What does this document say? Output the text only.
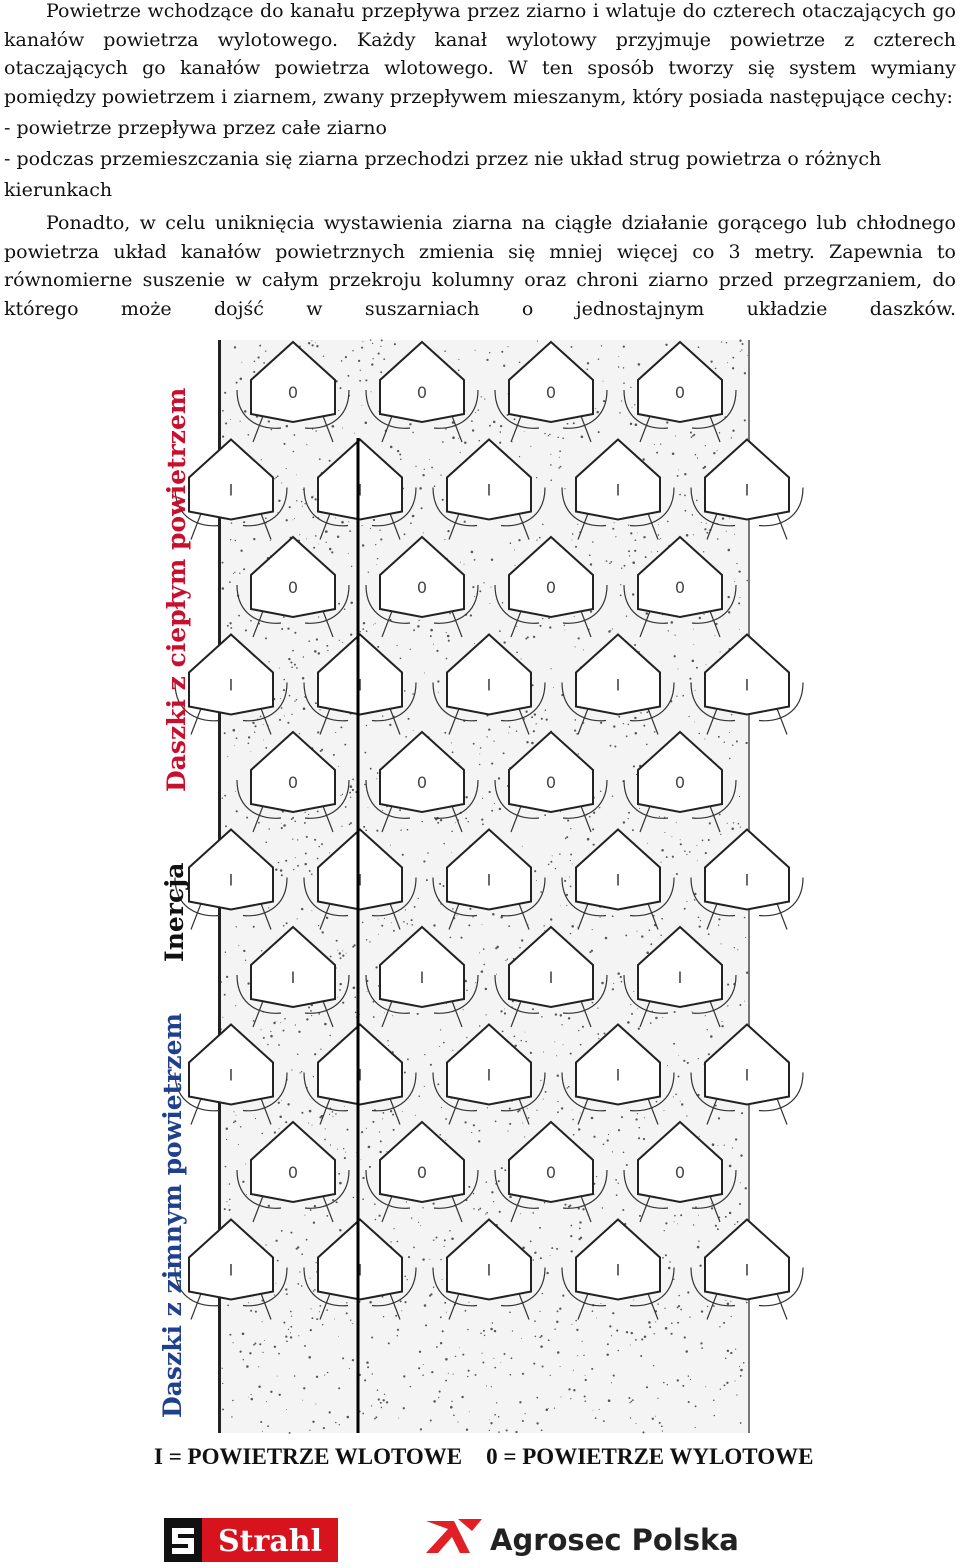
Powietrze wchodzące do kanału przepływa przez ziarno i wlatuje do czterech otaczających go kanałów powietrza wylotowego. Każdy kanał wylotowy przyjmuje powietrze z czterech otaczających go kanałów powietrza wlotowego. W ten sposób tworzy się system wymiany pomiędzy powietrzem i ziarnem, zwany przepływem mieszanym, który posiada następujące cechy:
- powietrze przepływa przez całe ziarno
- podczas przemieszczania się ziarna przechodzi przez nie układ strug powietrza o różnych kierunkach
Ponadto, w celu uniknięcia wystawienia ziarna na ciągłe działanie gorącego lub chłodnego powietrza układ kanałów powietrznych zmienia się mniej więcej co 3 metry. Zapewnia to równomierne suszenie w całym przekroju kolumny oraz chroni ziarno przed przegrzaniem, do którego może dojść w suszarniach o jednostajnym układzie daszków.
0	0	0	0
I	I	I	I	I
0	0	0	0
I	I	I	I	I
0	0	0	0
I	I	I	I	I
I	I	I	I
I	I	I	I	I
0	0	0	0
I	I	I	I	I
Daszki z ciepłym powietrzem
Inercja
Daszki z zimnym powietrzem
I = POWIETRZE WLOTOWE 0 = POWIETRZE WYLOTOWE
Strahl	Agrosec Polska
